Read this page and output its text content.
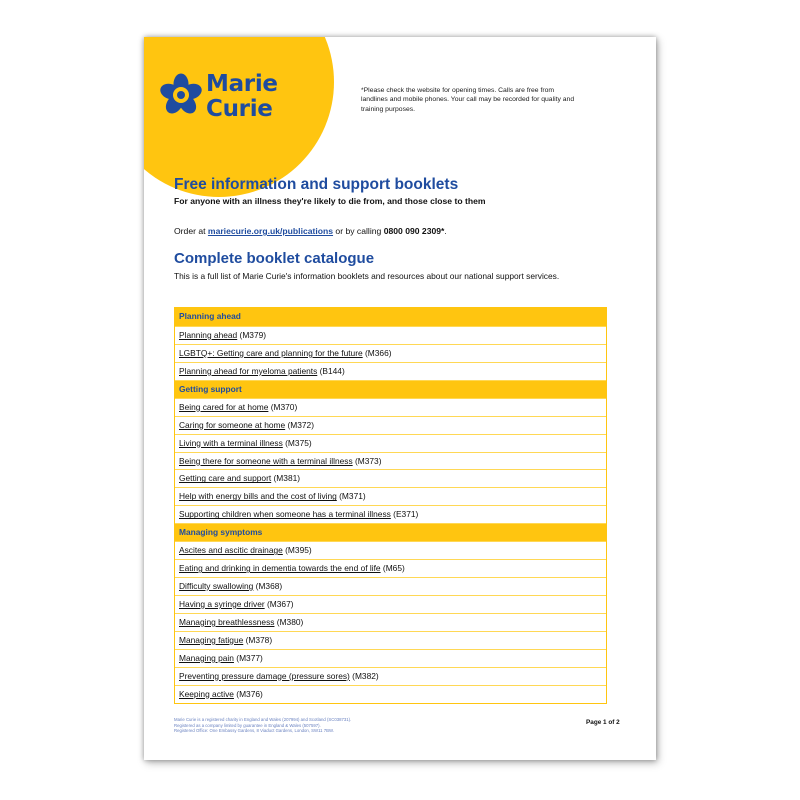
Marie
Curie
*Please check the website for opening times. Calls are free from landlines and mobile phones. Your call may be recorded for quality and training purposes.
Free information and support booklets
For anyone with an illness they're likely to die from, and those close to them
Order at mariecurie.org.uk/publications or by calling 0800 090 2309*.
Complete booklet catalogue
This is a full list of Marie Curie's information booklets and resources about our national support services.
Planning ahead
Planning ahead (M379)
LGBTQ+: Getting care and planning for the future (M366)
Planning ahead for myeloma patients (B144)
Getting support
Being cared for at home (M370)
Caring for someone at home (M372)
Living with a terminal illness (M375)
Being there for someone with a terminal illness (M373)
Getting care and support (M381)
Help with energy bills and the cost of living (M371)
Supporting children when someone has a terminal illness (E371)
Managing symptoms
Ascites and ascitic drainage (M395)
Eating and drinking in dementia towards the end of life (M65)
Difficulty swallowing (M368)
Having a syringe driver (M367)
Managing breathlessness (M380)
Managing fatigue (M378)
Managing pain (M377)
Preventing pressure damage (pressure sores) (M382)
Keeping active (M376)
Marie Curie is a registered charity in England and Wales (207994) and Scotland (SC038731).
Registered as a company limited by guarantee in England & Wales (507597).
Registered Office: One Embassy Gardens, 8 Viaduct Gardens, London, SW11 7BW.
Page 1 of 2
